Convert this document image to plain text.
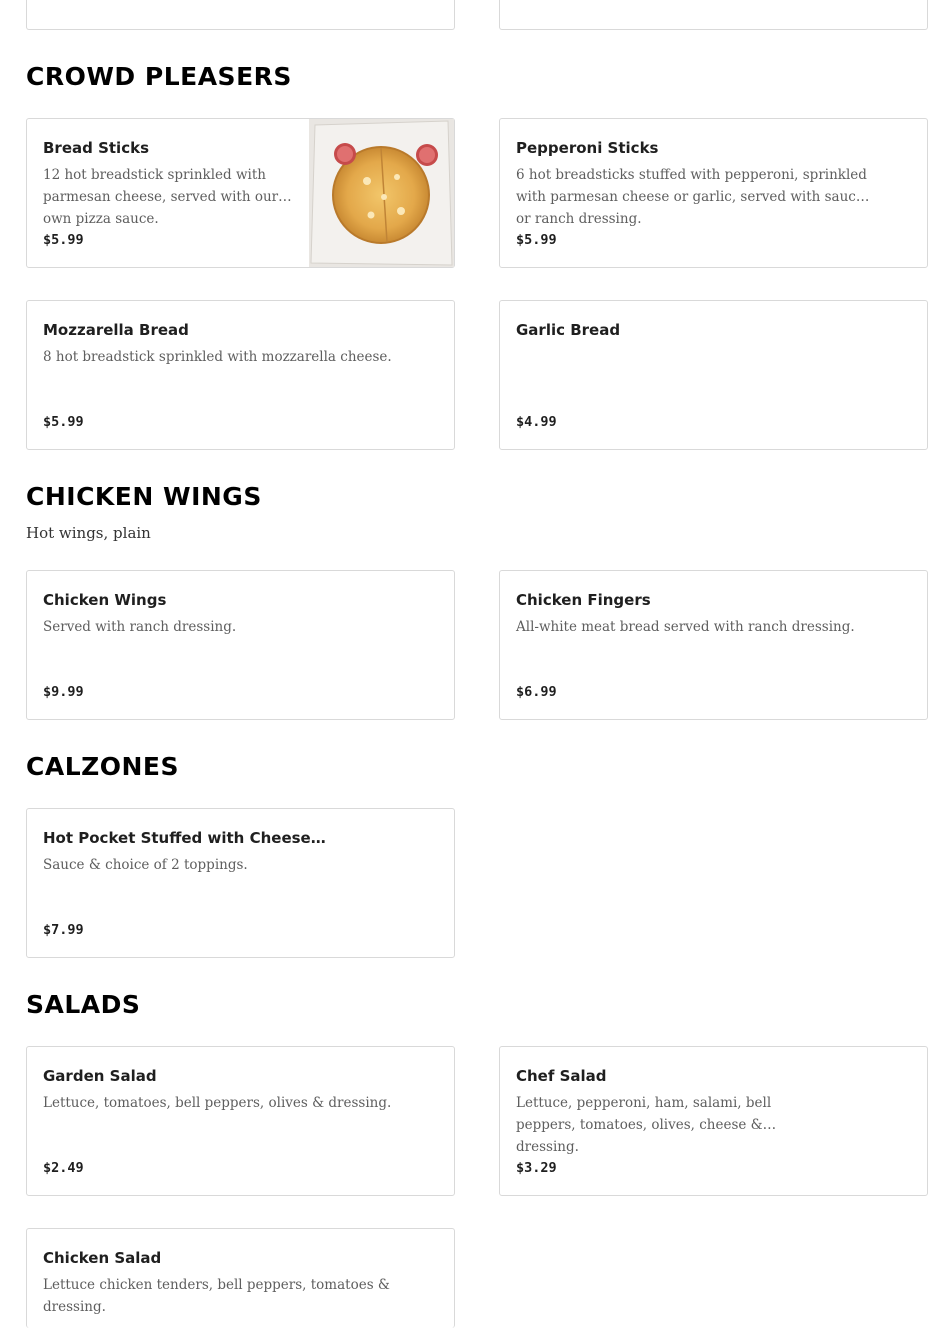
CROWD PLEASERS
Bread Sticks
12 hot breadstick sprinkled with parmesan cheese, served with our own pizza sauce.
$5.99
Pepperoni Sticks
6 hot breadsticks stuffed with pepperoni, sprinkled with parmesan cheese or garlic, served with sauce or ranch dressing.
$5.99
Mozzarella Bread
8 hot breadstick sprinkled with mozzarella cheese.
$5.99
Garlic Bread
$4.99
CHICKEN WINGS

Hot wings, plain

Chicken Wings
Served with ranch dressing.
$9.99
Chicken Fingers
All-white meat bread served with ranch dressing.
$6.99
CALZONES
Hot Pocket Stuffed with Cheese…
Sauce & choice of 2 toppings.
$7.99
SALADS
Garden Salad
Lettuce, tomatoes, bell peppers, olives & dressing.
$2.49
Chef Salad
Lettuce, pepperoni, ham, salami, bell peppers, tomatoes, olives, cheese & dressing.
$3.29
Chicken Salad
Lettuce chicken tenders, bell peppers, tomatoes & dressing.
